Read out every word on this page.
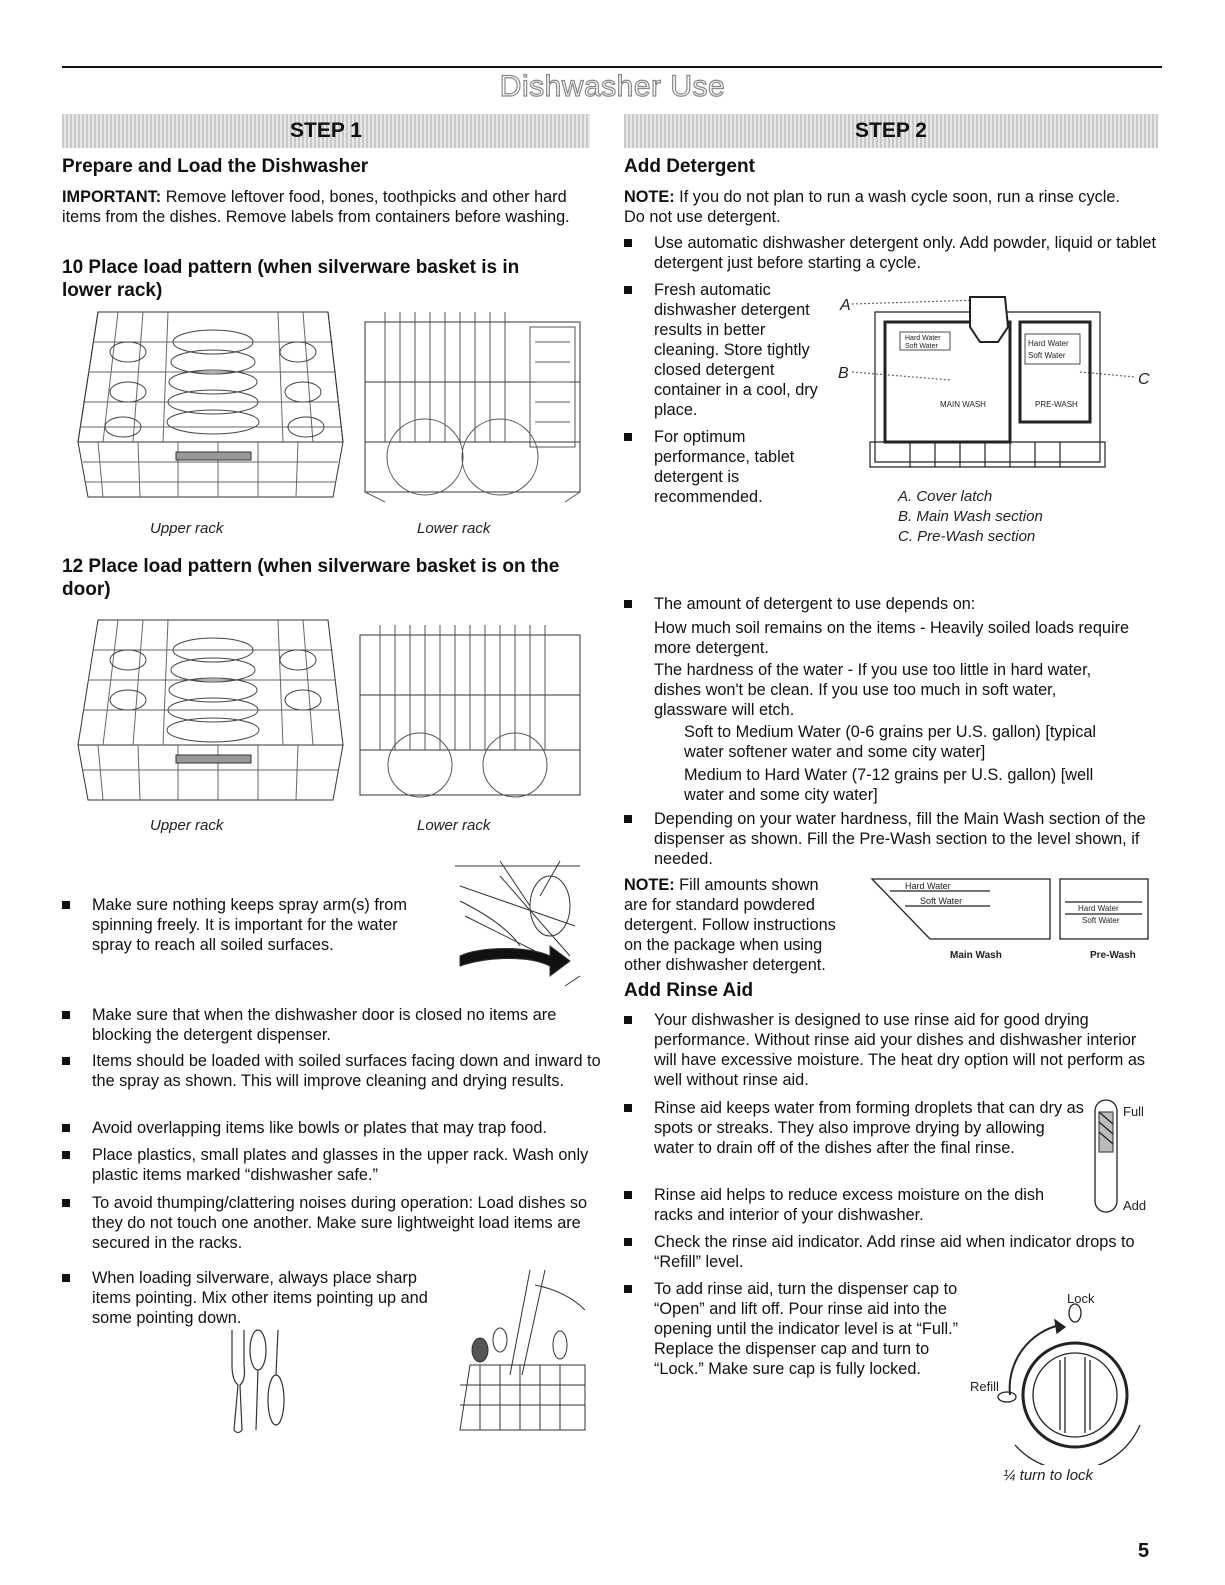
Dishwasher Use
STEP 1
Prepare and Load the Dishwasher
IMPORTANT: Remove leftover food, bones, toothpicks and other hard items from the dishes. Remove labels from containers before washing.
10 Place load pattern (when silverware basket is in lower rack)
Upper rack	Lower rack
12 Place load pattern (when silverware basket is on the door)
Upper rack	Lower rack
Make sure nothing keeps spray arm(s) from spinning freely. It is important for the water spray to reach all soiled surfaces.
Make sure that when the dishwasher door is closed no items are blocking the detergent dispenser.
Items should be loaded with soiled surfaces facing down and inward to the spray as shown. This will improve cleaning and drying results.
Avoid overlapping items like bowls or plates that may trap food.
Place plastics, small plates and glasses in the upper rack. Wash only plastic items marked “dishwasher safe.”
To avoid thumping/clattering noises during operation: Load dishes so they do not touch one another. Make sure lightweight load items are secured in the racks.
When loading silverware, always place sharp items pointing. Mix other items pointing up and some pointing down.
STEP 2
Add Detergent
NOTE: If you do not plan to run a wash cycle soon, run a rinse cycle. Do not use detergent.
Use automatic dishwasher detergent only. Add powder, liquid or tablet detergent just before starting a cycle.
Fresh automatic dishwasher detergent results in better cleaning. Store tightly closed detergent container in a cool, dry place.
For optimum performance, tablet detergent is recommended.
A
B	C
Hard Water
Soft Water	Hard Water
Soft Water
MAIN WASH	PRE-WASH
A. Cover latch
B. Main Wash section
C. Pre-Wash section
The amount of detergent to use depends on:
How much soil remains on the items - Heavily soiled loads require more detergent.
The hardness of the water - If you use too little in hard water, dishes won't be clean. If you use too much in soft water, glassware will etch.
Soft to Medium Water (0-6 grains per U.S. gallon) [typical water softener water and some city water]
Medium to Hard Water (7-12 grains per U.S. gallon) [well water and some city water]
Depending on your water hardness, fill the Main Wash section of the dispenser as shown. Fill the Pre-Wash section to the level shown, if needed.
NOTE: Fill amounts shown are for standard powdered detergent. Follow instructions on the package when using other dishwasher detergent.
Hard Water
Soft Water
Hard Water
Soft Water
Main Wash	Pre-Wash
Add Rinse Aid
Your dishwasher is designed to use rinse aid for good drying performance. Without rinse aid your dishes and dishwasher interior will have excessive moisture. The heat dry option will not perform as well without rinse aid.
Rinse aid keeps water from forming droplets that can dry as spots or streaks. They also improve drying by allowing water to drain off of the dishes after the final rinse.
Rinse aid helps to reduce excess moisture on the dish racks and interior of your dishwasher.
Check the rinse aid indicator. Add rinse aid when indicator drops to “Refill” level.
To add rinse aid, turn the dispenser cap to “Open” and lift off. Pour rinse aid into the opening until the indicator level is at “Full.” Replace the dispenser cap and turn to “Lock.” Make sure cap is fully locked.
Full
Add
Lock
Refill
¼ turn to lock
5
